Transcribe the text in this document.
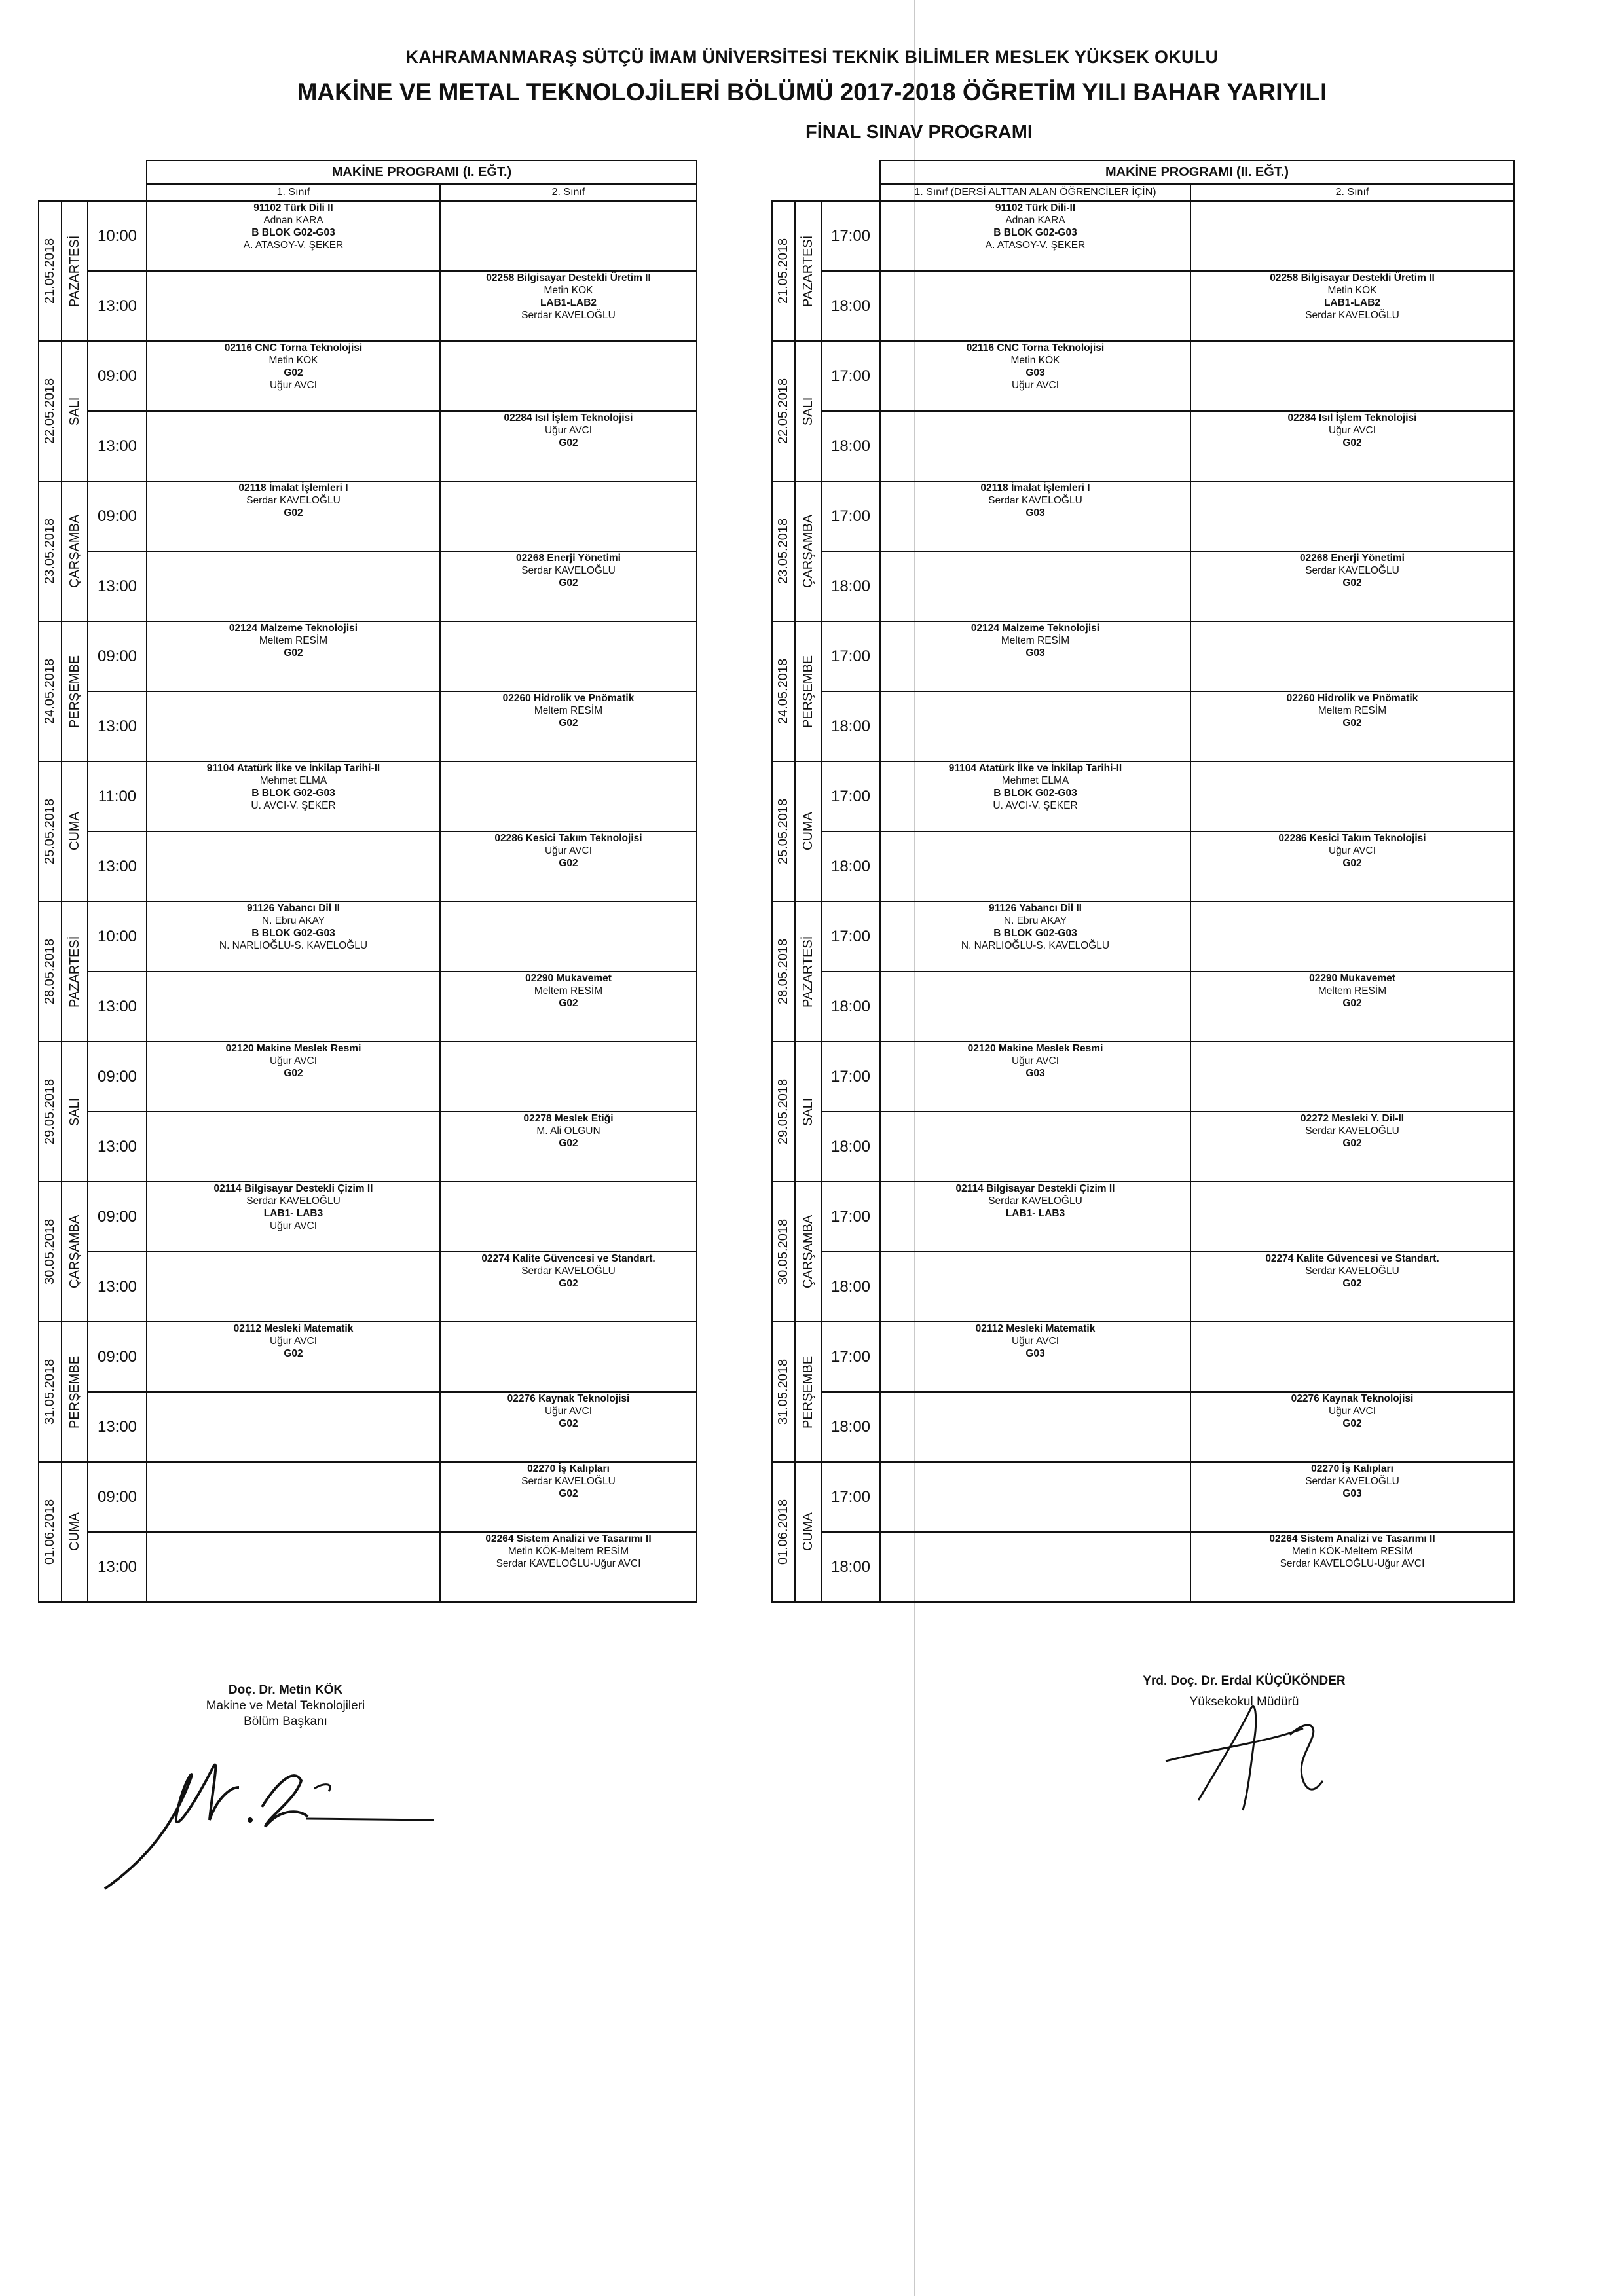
KAHRAMANMARAŞ SÜTÇÜ İMAM ÜNİVERSİTESİ TEKNİK BİLİMLER MESLEK YÜKSEK OKULU
MAKİNE VE METAL TEKNOLOJİLERİ BÖLÜMÜ 2017-2018 ÖĞRETİM YILI BAHAR YARIYILI
FİNAL SINAV PROGRAMI
			MAKİNE PROGRAMI (I. EĞT.)	
			1. Sınıf	2. Sınıf

21.05.2018	PAZARTESİ	10:00	91102 Türk Dili II
Adnan KARA
B BLOK G02-G03
A. ATASOY-V. ŞEKER	

		13:00		02258 Bilgisayar Destekli Üretim II
Metin KÖK
LAB1-LAB2
Serdar KAVELOĞLU

22.05.2018	SALI	09:00	02116 CNC Torna Teknolojisi
Metin KÖK
G02
Uğur AVCI	

		13:00		02284 Isıl İşlem Teknolojisi
Uğur AVCI
G02

23.05.2018	ÇARŞAMBA	09:00	02118 İmalat İşlemleri I
Serdar KAVELOĞLU
G02	

		13:00		02268 Enerji Yönetimi
Serdar KAVELOĞLU
G02

24.05.2018	PERŞEMBE	09:00	02124 Malzeme Teknolojisi
Meltem RESİM
G02	

		13:00		02260 Hidrolik ve Pnömatik
Meltem RESİM
G02

25.05.2018	CUMA	11:00	91104 Atatürk İlke ve İnkilap Tarihi-II
Mehmet ELMA
B BLOK G02-G03
U. AVCI-V. ŞEKER	

		13:00		02286 Kesici Takım Teknolojisi
Uğur AVCI
G02

28.05.2018	PAZARTESİ	10:00	91126 Yabancı Dil II
N. Ebru AKAY
B BLOK G02-G03
N. NARLIOĞLU-S. KAVELOĞLU	

		13:00		02290 Mukavemet
Meltem RESİM
G02

29.05.2018	SALI	09:00	02120 Makine Meslek Resmi
Uğur AVCI
G02	

		13:00		02278 Meslek Etiği
M. Ali OLGUN
G02

30.05.2018	ÇARŞAMBA	09:00	02114 Bilgisayar Destekli Çizim II
Serdar KAVELOĞLU
LAB1- LAB3
Uğur AVCI	

		13:00		02274 Kalite Güvencesi ve Standart.
Serdar KAVELOĞLU
G02

31.05.2018	PERŞEMBE	09:00	02112 Mesleki Matematik
Uğur AVCI
G02	

		13:00		02276 Kaynak Teknolojisi
Uğur AVCI
G02

01.06.2018	CUMA	09:00		02270 İş Kalıpları
Serdar KAVELOĞLU
G02

		13:00		02264 Sistem Analizi ve Tasarımı II
Metin KÖK-Meltem RESİM
Serdar KAVELOĞLU-Uğur AVCI
			MAKİNE PROGRAMI (II. EĞT.)	
			1. Sınıf (DERSİ ALTTAN ALAN ÖĞRENCİLER İÇİN)	2. Sınıf

21.05.2018	PAZARTESİ	17:00	91102 Türk Dili-II
Adnan KARA
B BLOK G02-G03
A. ATASOY-V. ŞEKER	

		18:00		02258 Bilgisayar Destekli Üretim II
Metin KÖK
LAB1-LAB2
Serdar KAVELOĞLU

22.05.2018	SALI	17:00	02116 CNC Torna Teknolojisi
Metin KÖK
G03
Uğur AVCI	

		18:00		02284 Isıl İşlem Teknolojisi
Uğur AVCI
G02

23.05.2018	ÇARŞAMBA	17:00	02118 İmalat İşlemleri I
Serdar KAVELOĞLU
G03	

		18:00		02268 Enerji Yönetimi
Serdar KAVELOĞLU
G02

24.05.2018	PERŞEMBE	17:00	02124 Malzeme Teknolojisi
Meltem RESİM
G03	

		18:00		02260 Hidrolik ve Pnömatik
Meltem RESİM
G02

25.05.2018	CUMA	17:00	91104 Atatürk İlke ve İnkilap Tarihi-II
Mehmet ELMA
B BLOK G02-G03
U. AVCI-V. ŞEKER	

		18:00		02286 Kesici Takım Teknolojisi
Uğur AVCI
G02

28.05.2018	PAZARTESİ	17:00	91126 Yabancı Dil II
N. Ebru AKAY
B BLOK G02-G03
N. NARLIOĞLU-S. KAVELOĞLU	

		18:00		02290 Mukavemet
Meltem RESİM
G02

29.05.2018	SALI	17:00	02120 Makine Meslek Resmi
Uğur AVCI
G03	

		18:00		02272 Mesleki Y. Dil-II
Serdar KAVELOĞLU
G02

30.05.2018	ÇARŞAMBA	17:00	02114 Bilgisayar Destekli Çizim II
Serdar KAVELOĞLU
LAB1- LAB3	

		18:00		02274 Kalite Güvencesi ve Standart.
Serdar KAVELOĞLU
G02

31.05.2018	PERŞEMBE	17:00	02112 Mesleki Matematik
Uğur AVCI
G03	

		18:00		02276 Kaynak Teknolojisi
Uğur AVCI
G02

01.06.2018	CUMA	17:00		02270 İş Kalıpları
Serdar KAVELOĞLU
G03

		18:00		02264 Sistem Analizi ve Tasarımı II
Metin KÖK-Meltem RESİM
Serdar KAVELOĞLU-Uğur AVCI
Doç. Dr. Metin KÖK
Makine ve Metal Teknolojileri
Bölüm Başkanı
Yrd. Doç. Dr. Erdal KÜÇÜKÖNDER
Yüksekokul Müdürü
